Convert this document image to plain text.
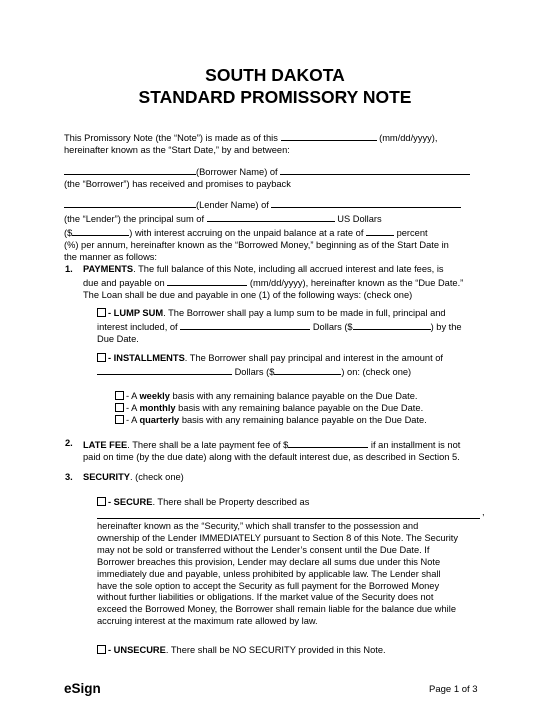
SOUTH DAKOTA
STANDARD PROMISSORY NOTE
This Promissory Note (the “Note”) is made as of this	(mm/dd/yyyy),
hereinafter known as the “Start Date,” by and between:
(Borrower Name) of
(the “Borrower”) has received and promises to payback
(Lender Name) of
(the “Lender”) the principal sum of	US Dollars
($	) with interest accruing on the unpaid balance at a rate of	percent
(%) per annum, hereinafter known as the “Borrowed Money,” beginning as of the Start Date in
the manner as follows:
1. PAYMENTS. The full balance of this Note, including all accrued interest and late fees, is
due and payable on	(mm/dd/yyyy), hereinafter known as the “Due Date.”
The Loan shall be due and payable in one (1) of the following ways: (check one)
- LUMP SUM. The Borrower shall pay a lump sum to be made in full, principal and
interest included, of	Dollars ($	) by the
Due Date.
- INSTALLMENTS. The Borrower shall pay principal and interest in the amount of
Dollars ($	) on: (check one)
- A weekly basis with any remaining balance payable on the Due Date.
- A monthly basis with any remaining balance payable on the Due Date.
- A quarterly basis with any remaining balance payable on the Due Date.
2. LATE FEE. There shall be a late payment fee of $	if an installment is not
paid on time (by the due date) along with the default interest due, as described in Section 5.
3. SECURITY. (check one)
- SECURE. There shall be Property described as
,
hereinafter known as the “Security,” which shall transfer to the possession and
ownership of the Lender IMMEDIATELY pursuant to Section 8 of this Note. The Security
may not be sold or transferred without the Lender’s consent until the Due Date. If
Borrower breaches this provision, Lender may declare all sums due under this Note
immediately due and payable, unless prohibited by applicable law. The Lender shall
have the sole option to accept the Security as full payment for the Borrowed Money
without further liabilities or obligations. If the market value of the Security does not
exceed the Borrowed Money, the Borrower shall remain liable for the balance due while
accruing interest at the maximum rate allowed by law.
- UNSECURE. There shall be NO SECURITY provided in this Note.
eSign	Page 1 of 3
